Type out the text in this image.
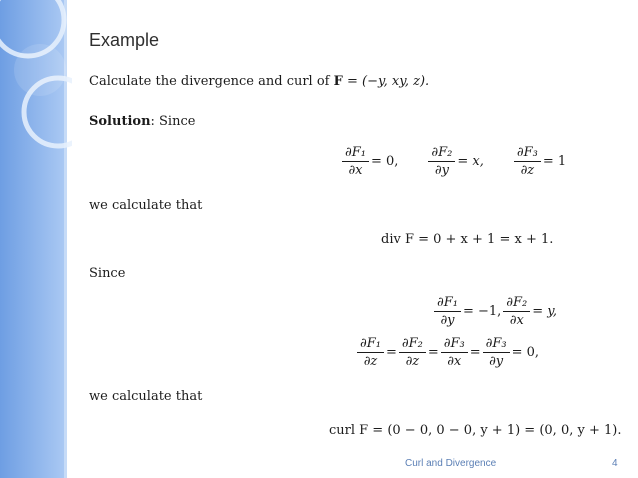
Example
Calculate the divergence and curl of F = (−y, xy, z).
Solution: Since
$\frac{\text{∂F₁}}{\partial x} = 0$, $\frac{\text{∂F₂}}{\partial y} = x$, $\frac{\text{∂F₃}}{\partial z} = 1$
we calculate that
div F = 0 + x + 1 = x + 1.
Since
$\frac{\text{∂F₁}}{\partial y} = -1$, $\frac{\text{∂F₂}}{\partial x} = y$,
$\frac{\text{∂F₁}}{\partial z} = \frac{\text{∂F₂}}{\partial z} = \frac{\text{∂F₃}}{\partial x} = \frac{\text{∂F₃}}{\partial y} = 0$,
we calculate that
curl F = (0 − 0, 0 − 0, y + 1) = (0, 0, y + 1).
Curl and Divergence	4
